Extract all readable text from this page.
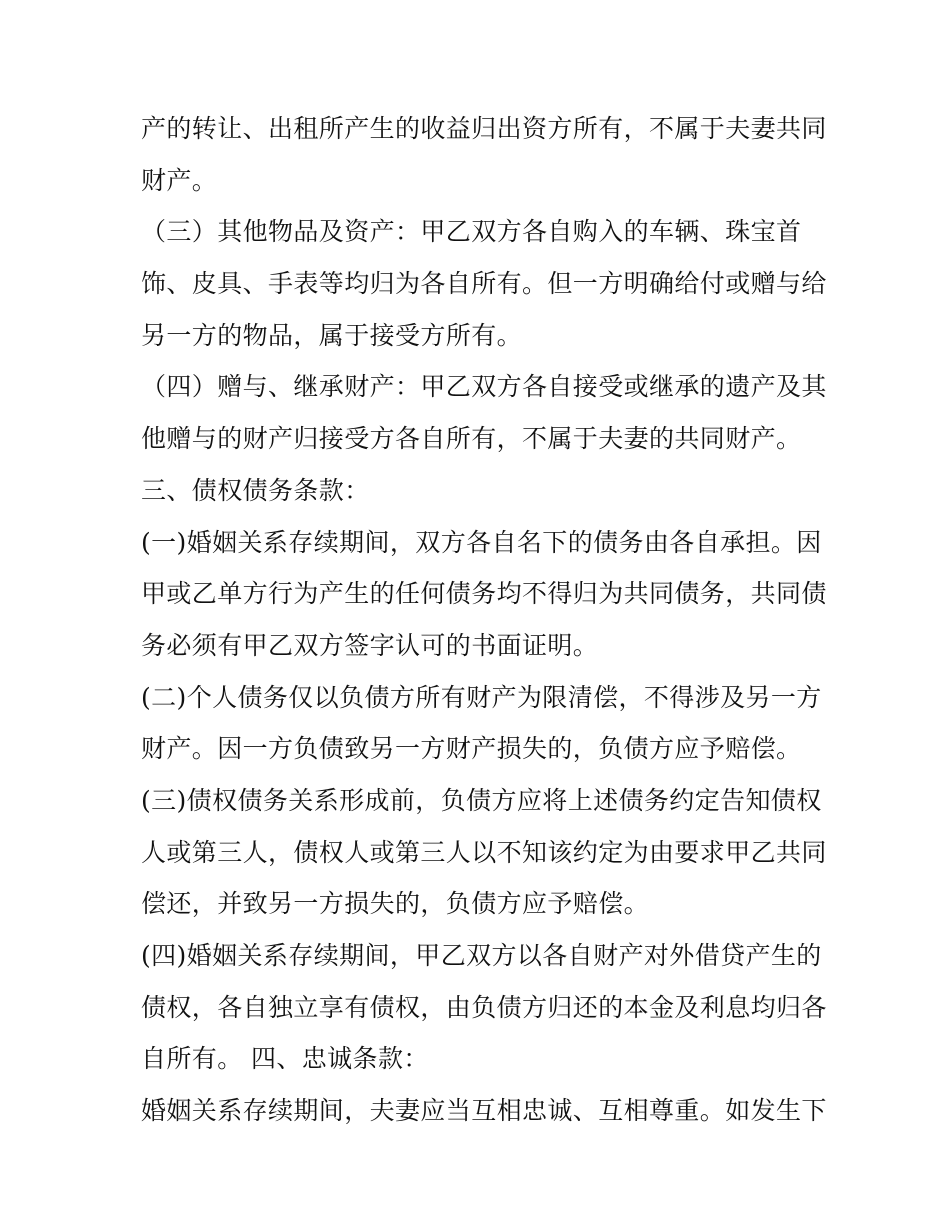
产的转让、出租所产生的收益归出资方所有，不属于夫妻共同
财产。
（三）其他物品及资产：甲乙双方各自购入的车辆、珠宝首
饰、皮具、手表等均归为各自所有。但一方明确给付或赠与给
另一方的物品，属于接受方所有。
（四）赠与、继承财产：甲乙双方各自接受或继承的遗产及其
他赠与的财产归接受方各自所有，不属于夫妻的共同财产。
三、债权债务条款：
(一)婚姻关系存续期间，双方各自名下的债务由各自承担。因
甲或乙单方行为产生的任何债务均不得归为共同债务，共同债
务必须有甲乙双方签字认可的书面证明。
(二)个人债务仅以负债方所有财产为限清偿，不得涉及另一方
财产。因一方负债致另一方财产损失的，负债方应予赔偿。
(三)债权债务关系形成前，负债方应将上述债务约定告知债权
人或第三人，债权人或第三人以不知该约定为由要求甲乙共同
偿还，并致另一方损失的，负债方应予赔偿。
(四)婚姻关系存续期间，甲乙双方以各自财产对外借贷产生的
债权，各自独立享有债权，由负债方归还的本金及利息均归各
自所有。 四、忠诚条款：
婚姻关系存续期间，夫妻应当互相忠诚、互相尊重。如发生下
